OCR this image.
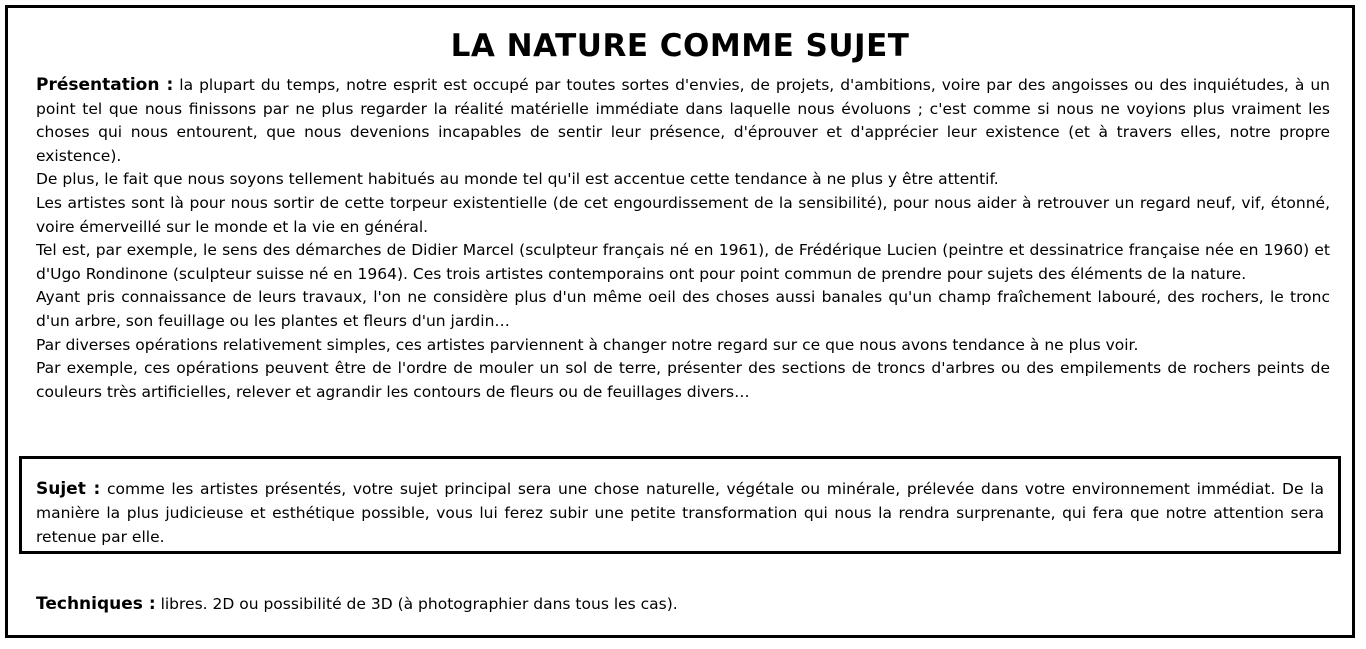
LA NATURE COMME SUJET

Présentation : la plupart du temps, notre esprit est occupé par toutes sortes d'envies, de projets, d'ambitions, voire par des angoisses ou des inquiétudes, à un point tel que nous finissons par ne plus regarder la réalité matérielle immédiate dans laquelle nous évoluons ; c'est comme si nous ne voyions plus vraiment les choses qui nous entourent, que nous devenions incapables de sentir leur présence, d'éprouver et d'apprécier leur existence (et à travers elles, notre propre existence).

De plus, le fait que nous soyons tellement habitués au monde tel qu'il est accentue cette tendance à ne plus y être attentif.

Les artistes sont là pour nous sortir de cette torpeur existentielle (de cet engourdissement de la sensibilité), pour nous aider à retrouver un regard neuf, vif, étonné, voire émerveillé sur le monde et la vie en général.

Tel est, par exemple, le sens des démarches de Didier Marcel (sculpteur français né en 1961), de Frédérique Lucien (peintre et dessinatrice française née en 1960) et d'Ugo Rondinone (sculpteur suisse né en 1964). Ces trois artistes contemporains ont pour point commun de prendre pour sujets des éléments de la nature.

Ayant pris connaissance de leurs travaux, l'on ne considère plus d'un même oeil des choses aussi banales qu'un champ fraîchement labouré, des rochers, le tronc d'un arbre, son feuillage ou les plantes et fleurs d'un jardin…

Par diverses opérations relativement simples, ces artistes parviennent à changer notre regard sur ce que nous avons tendance à ne plus voir.

Par exemple, ces opérations peuvent être de l'ordre de mouler un sol de terre, présenter des sections de troncs d'arbres ou des empilements de rochers peints de couleurs très artificielles, relever et agrandir les contours de fleurs ou de feuillages divers…

Sujet : comme les artistes présentés, votre sujet principal sera une chose naturelle, végétale ou minérale, prélevée dans votre environnement immédiat. De la manière la plus judicieuse et esthétique possible, vous lui ferez subir une petite transformation qui nous la rendra surprenante, qui fera que notre attention sera retenue par elle.
Techniques : libres. 2D ou possibilité de 3D (à photographier dans tous les cas).
